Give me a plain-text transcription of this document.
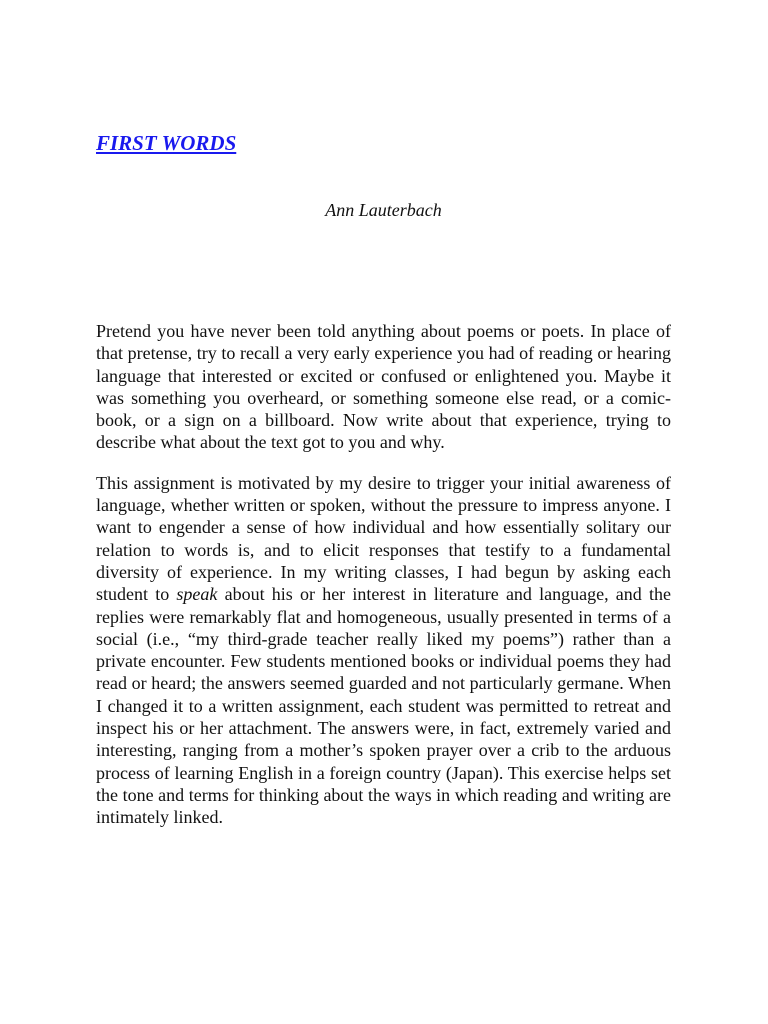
FIRST WORDS
Ann Lauterbach

Pretend you have never been told anything about poems or poets. In place of that pretense, try to recall a very early experience you had of reading or hearing language that interested or excited or confused or enlightened you. Maybe it was something you overheard, or something someone else read, or a comic-book, or a sign on a billboard. Now write about that experience, trying to describe what about the text got to you and why.

This assignment is motivated by my desire to trigger your initial awareness of language, whether written or spoken, without the pressure to impress anyone. I want to engender a sense of how individual and how essentially solitary our relation to words is, and to elicit responses that testify to a fundamental diversity of experience. In my writing classes, I had begun by asking each student to speak about his or her interest in literature and language, and the replies were remarkably flat and homogeneous, usually presented in terms of a social (i.e., “my third-grade teacher really liked my poems”) rather than a private encounter. Few students mentioned books or individual poems they had read or heard; the answers seemed guarded and not particularly germane. When I changed it to a written assignment, each student was permitted to retreat and inspect his or her attachment. The answers were, in fact, extremely varied and interesting, ranging from a mother’s spoken prayer over a crib to the arduous process of learning English in a foreign country (Japan). This exercise helps set the tone and terms for thinking about the ways in which reading and writing are intimately linked.
